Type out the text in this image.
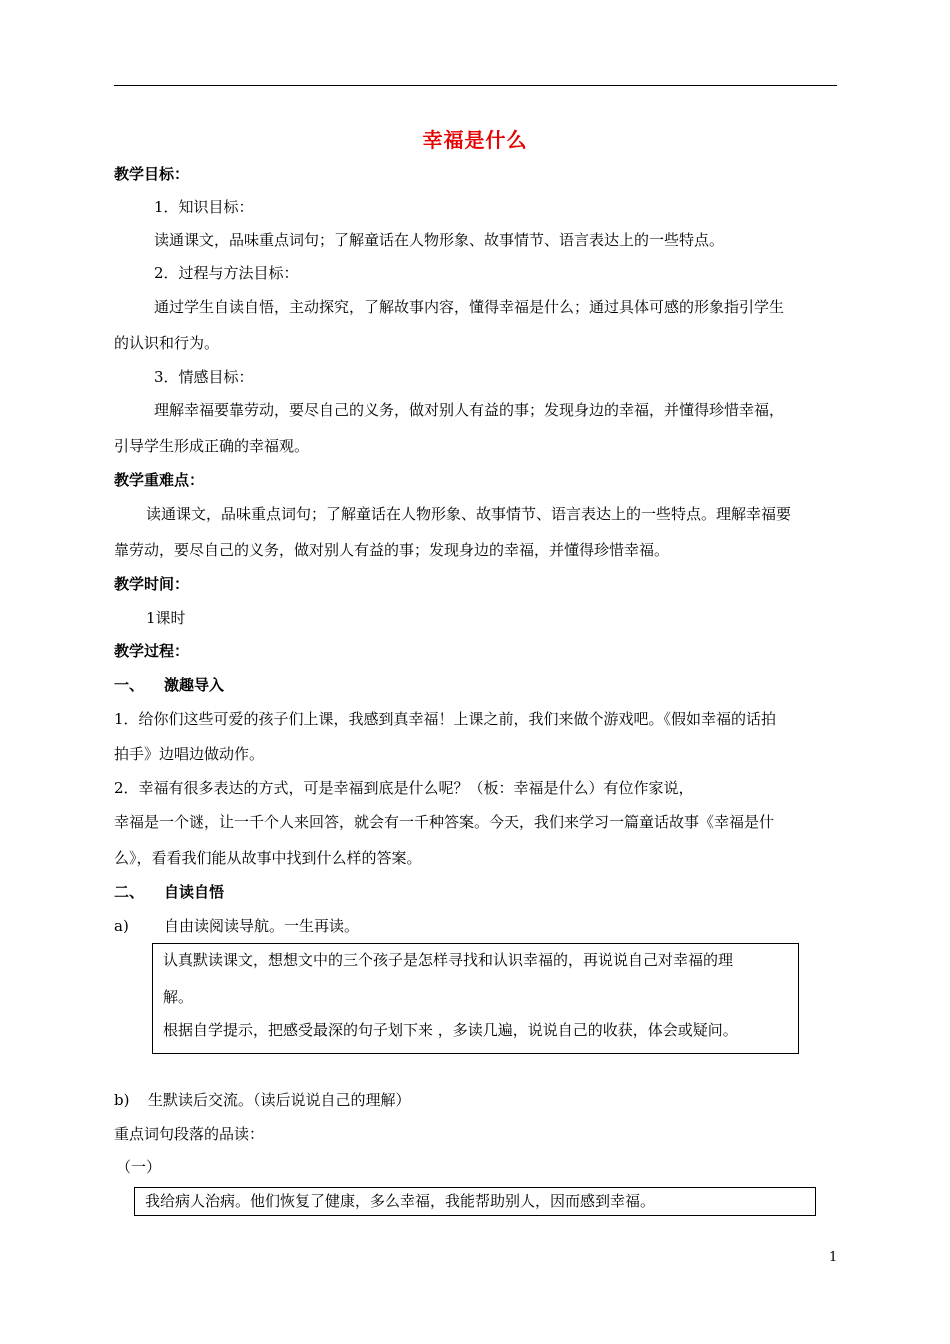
幸福是什么
教学目标：
1．知识目标：
读通课文，品味重点词句；了解童话在人物形象、故事情节、语言表达上的一些特点。
2．过程与方法目标：
通过学生自读自悟，主动探究，了解故事内容，懂得幸福是什么；通过具体可感的形象指引学生
的认识和行为。
3．情感目标：
理解幸福要靠劳动，要尽自己的义务，做对别人有益的事；发现身边的幸福，并懂得珍惜幸福，
引导学生形成正确的幸福观。
教学重难点：
读通课文，品味重点词句；了解童话在人物形象、故事情节、语言表达上的一些特点。理解幸福要
靠劳动，要尽自己的义务，做对别人有益的事；发现身边的幸福，并懂得珍惜幸福。
教学时间：
1课时
教学过程：
一、 激趣导入
1．给你们这些可爱的孩子们上课，我感到真幸福！上课之前，我们来做个游戏吧。《假如幸福的话拍
拍手》边唱边做动作。
2．幸福有很多表达的方式，可是幸福到底是什么呢？（板：幸福是什么）有位作家说，
幸福是一个谜，让一千个人来回答，就会有一千种答案。今天，我们来学习一篇童话故事《幸福是什
么》，看看我们能从故事中找到什么样的答案。
二、 自读自悟
a) 自由读阅读导航。一生再读。
认真默读课文，想想文中的三个孩子是怎样寻找和认识幸福的，再说说自己对幸福的理
解。
根据自学提示，把感受最深的句子划下来 ，多读几遍，说说自己的收获，体会或疑问。
b) 生默读后交流。（读后说说自己的理解）
重点词句段落的品读：
（一）
我给病人治病。他们恢复了健康，多么幸福，我能帮助别人，因而感到幸福。
1
